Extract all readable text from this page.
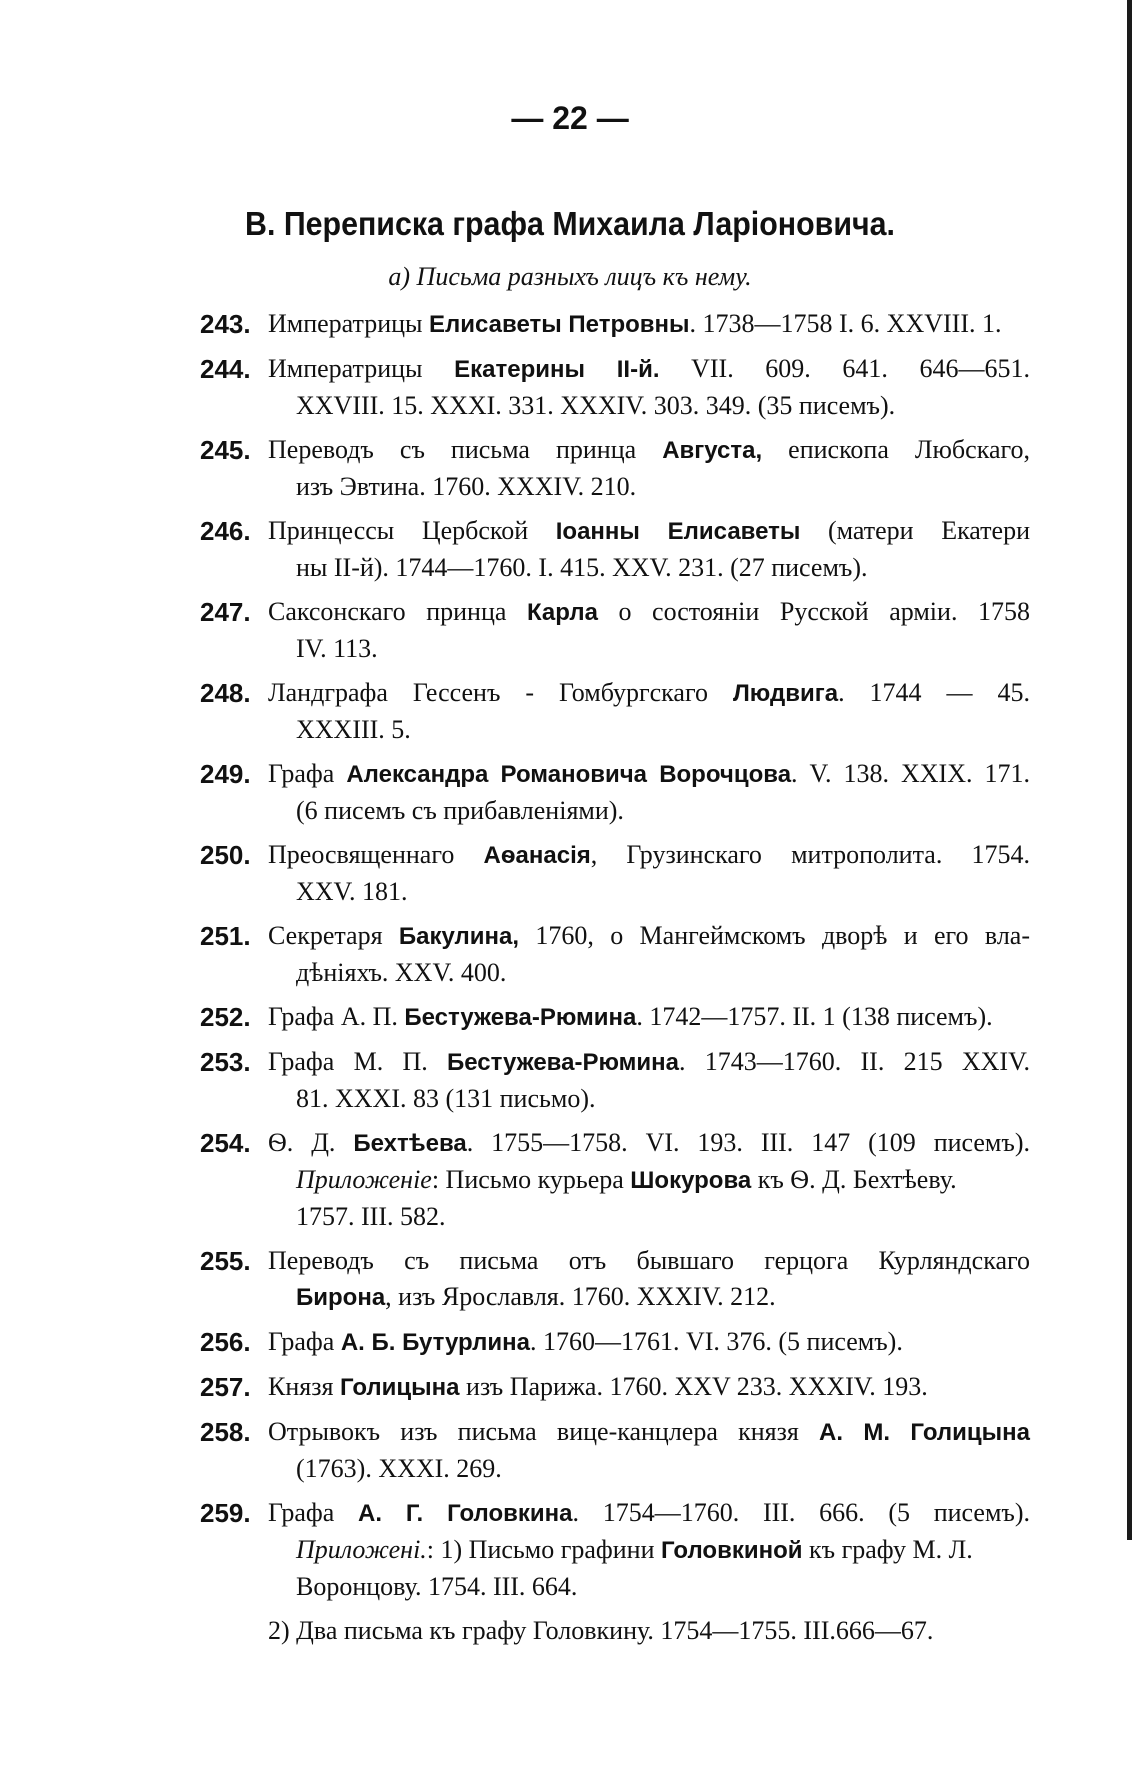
— 22 —
В. Переписка графа Михаила Ларіоновича.
а) Письма разныхъ лицъ къ нему.
243. Императрицы Елисаветы Петровны. 1738—1758 I. 6. XXVIII. 1.
244. Императрицы Екатерины II-й. VII. 609. 641. 646—651.
XXVIII. 15. XXXI. 331. XXXIV. 303. 349. (35 писемъ).
245. Переводъ съ письма принца Августа, епископа Любскаго,
изъ Эвтина. 1760. XXXIV. 210.
246. Принцессы Цербской Іоанны Елисаветы (матери Екатери
ны II-й). 1744—1760. I. 415. XXV. 231. (27 писемъ).
247. Саксонскаго принца Карла о состояніи Русской арміи. 1758
IV. 113.
248. Ландграфа Гессенъ - Гомбургскаго Людвига. 1744 — 45.
XXXIII. 5.
249. Графа Александра Романовича Ворочцова. V. 138. XXIX. 171.
(6 писемъ съ прибавленіями).
250. Преосвященнаго Аѳанасія, Грузинскаго митрополита. 1754.
XXV. 181.
251. Секретаря Бакулина, 1760, о Мангеймскомъ дворѣ и его вла-
дѣніяхъ. XXV. 400.
252. Графа А. П. Бестужева-Рюмина. 1742—1757. II. 1 (138 писемъ).
253. Графа М. П. Бестужева-Рюмина. 1743—1760. II. 215 XXIV.
81. XXXI. 83 (131 письмо).
254. Ѳ. Д. Бехтѣева. 1755—1758. VI. 193. III. 147 (109 писемъ).
Приложеніе: Письмо курьера Шокурова къ Ѳ. Д. Бехтѣеву.
1757. III. 582.
255. Переводъ съ письма отъ бывшаго герцога Курляндскаго
Бирона, изъ Ярославля. 1760. XXXIV. 212.
256. Графа А. Б. Бутурлина. 1760—1761. VI. 376. (5 писемъ).
257. Князя Голицына изъ Парижа. 1760. XXV 233. XXXIV. 193.
258. Отрывокъ изъ письма вице-канцлера князя А. М. Голицына
(1763). XXXI. 269.
259. Графа А. Г. Головкина. 1754—1760. III. 666. (5 писемъ).
Приложені.: 1) Письмо графини Головкиной къ графу М. Л.
Воронцову. 1754. III. 664.
2) Два письма къ графу Головкину. 1754—1755. III.666—67.
